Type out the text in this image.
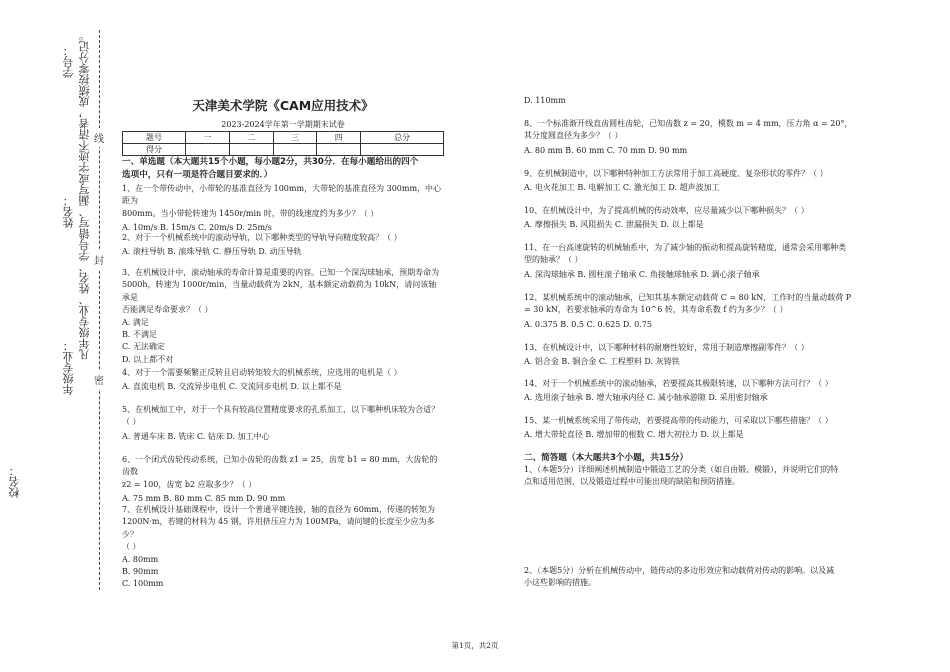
线
封
密
学号： 凡年级专业、姓名、学号错写、漏写或字迹不清者，成绩按零分记。
姓名：
年级专业：
校名：
天津美术学院《CAM应用技术》
2023-2024学年第一学期期末试卷
题号	一	二	三	四	总分
得分					
一、单选题（本大题共15个小题，每小题2分，共30分．在每小题给出的四个
选项中，只有一项是符合题目要求的．）

1、在一个带传动中，小带轮的基准直径为 100mm，大带轮的基准直径为 300mm，中心距为

800mm。当小带轮转速为 1450r/min 时，带的线速度约为多少？（ ）

A. 10m/s B. 15m/s C. 20m/s D. 25m/s

2、对于一个机械系统中的滚动导轨，以下哪种类型的导轨导向精度较高？（ ）

A. 滚柱导轨 B. 滚珠导轨 C. 静压导轨 D. 动压导轨

3、在机械设计中，滚动轴承的寿命计算是重要的内容。已知一个深沟球轴承，预期寿命为

5000h，转速为 1000r/min，当量动载荷为 2kN，基本额定动载荷为 10kN，请问该轴承是

否能满足寿命要求？（ ）

A. 满足

B. 不满足

C. 无法确定

D. 以上都不对

4、对于一个需要频繁正反转且启动转矩较大的机械系统，应选用的电机是（ ）

A. 直流电机 B. 交流异步电机 C. 交流同步电机 D. 以上都不是

5、在机械加工中，对于一个具有较高位置精度要求的孔系加工，以下哪种机床较为合适？

（ ）

A. 普通车床 B. 铣床 C. 钻床 D. 加工中心

6、一个闭式齿轮传动系统，已知小齿轮的齿数 z1 = 25，齿宽 b1 = 80 mm，大齿轮的齿数

z2 = 100，齿宽 b2 应取多少？（ ）

A. 75 mm B. 80 mm C. 85 mm D. 90 mm

7、在机械设计基础课程中，设计一个普通平键连接，轴的直径为 60mm，传递的转矩为

1200N·m，若键的材料为 45 钢，许用挤压应力为 100MPa，请问键的长度至少应为多少？

（ ）

A. 80mm

B. 90mm

C. 100mm

D. 110mm

8、一个标准渐开线直齿圆柱齿轮，已知齿数 z = 20，模数 m = 4 mm，压力角 α = 20°，

其分度圆直径为多少？（ ）

A. 80 mm B. 60 mm C. 70 mm D. 90 mm

9、在机械制造中，以下哪种特种加工方法常用于加工高硬度、复杂形状的零件？（ ）

A. 电火花加工 B. 电解加工 C. 激光加工 D. 超声波加工

10、在机械设计中，为了提高机械的传动效率，应尽量减少以下哪种损失？（ ）

A. 摩擦损失 B. 风阻损失 C. 泄漏损失 D. 以上都是

11、在一台高速旋转的机械轴系中，为了减少轴的振动和提高旋转精度，通常会采用哪种类

型的轴承？（ ）

A. 深沟球轴承 B. 圆柱滚子轴承 C. 角接触球轴承 D. 调心滚子轴承

12、某机械系统中的滚动轴承，已知其基本额定动载荷 C = 80 kN，工作时的当量动载荷 P

= 30 kN，若要求轴承的寿命为 10^6 转，其寿命系数 f 约为多少？（ ）

A. 0.375 B. 0.5 C. 0.625 D. 0.75

13、在机械设计中，以下哪种材料的耐磨性较好，常用于制造摩擦副零件？（ ）

A. 铝合金 B. 铜合金 C. 工程塑料 D. 灰铸铁

14、对于一个机械系统中的滚动轴承，若要提高其极限转速，以下哪种方法可行？（ ）

A. 选用滚子轴承 B. 增大轴承内径 C. 减小轴承游隙 D. 采用密封轴承

15、某一机械系统采用了带传动，若要提高带的传动能力，可采取以下哪些措施？（ ）

A. 增大带轮直径 B. 增加带的根数 C. 增大初拉力 D. 以上都是

二、简答题（本大题共3个小题，共15分）

1、（本题5分）详细阐述机械制造中锻造工艺的分类（如自由锻、模锻），并说明它们的特

点和适用范围，以及锻造过程中可能出现的缺陷和预防措施。

2、（本题5分）分析在机械传动中，链传动的多边形效应和动载荷对传动的影响。以及减

小这些影响的措施。

第1页，共2页
